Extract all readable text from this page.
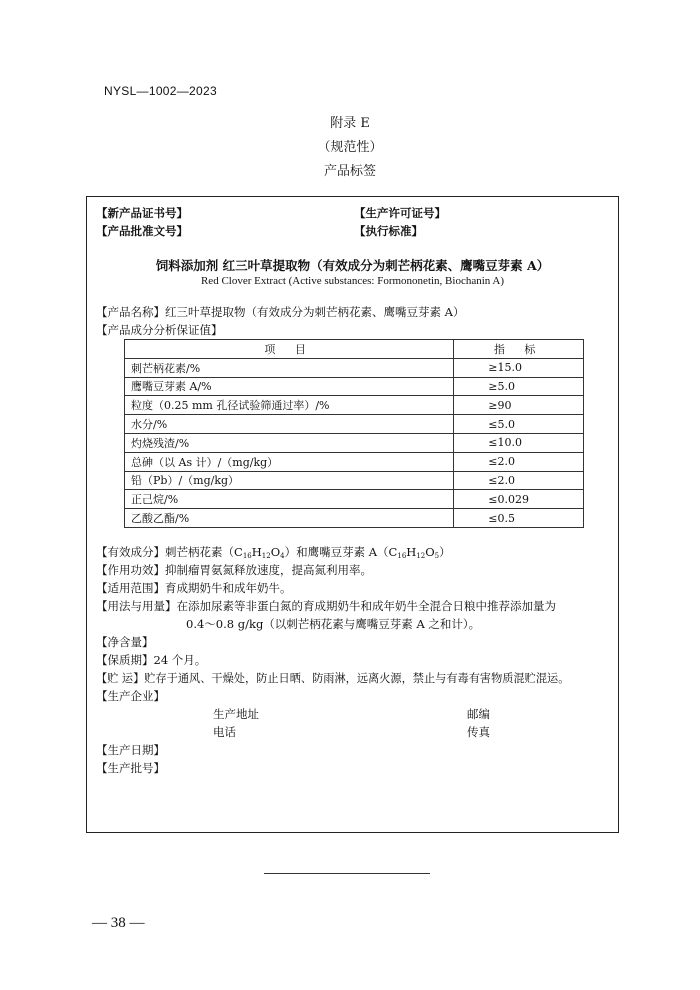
NYSL—1002—2023
附录 E
（规范性）
产品标签
【新产品证书号】	【生产许可证号】
【产品批准文号】	【执行标准】
饲料添加剂 红三叶草提取物（有效成分为刺芒柄花素、鹰嘴豆芽素 A）
Red Clover Extract (Active substances: Formononetin, Biochanin A)
【产品名称】红三叶草提取物（有效成分为刺芒柄花素、鹰嘴豆芽素 A）
【产品成分分析保证值】
项 目	指 标
刺芒柄花素/%	≥15.0
鹰嘴豆芽素 A/%	≥5.0
粒度（0.25 mm 孔径试验筛通过率）/%	≥90
水分/%	≤5.0
灼烧残渣/%	≤10.0
总砷（以 As 计）/（mg/kg）	≤2.0
铅（Pb）/（mg/kg）	≤2.0
正己烷/%	≤0.029
乙酸乙酯/%	≤0.5
【有效成分】刺芒柄花素$(C_{16}H_{12}O_4)$和鹰嘴豆芽素 $A(C_{16}H_{12}O_5)$
【作用功效】抑制瘤胃氨氮释放速度，提高氮利用率。
【适用范围】育成期奶牛和成年奶牛。
【用法与用量】在添加尿素等非蛋白氮的育成期奶牛和成年奶牛全混合日粮中推荐添加量为
0.4～0.8 g/kg（以刺芒柄花素与鹰嘴豆芽素 A 之和计）。
【净含量】
【保质期】24 个月。
【贮 运】贮存于通风、干燥处，防止日晒、防雨淋，远离火源，禁止与有毒有害物质混贮混运。
【生产企业】
生产地址	邮编
电话	传真
【生产日期】
【生产批号】
— 38 —
